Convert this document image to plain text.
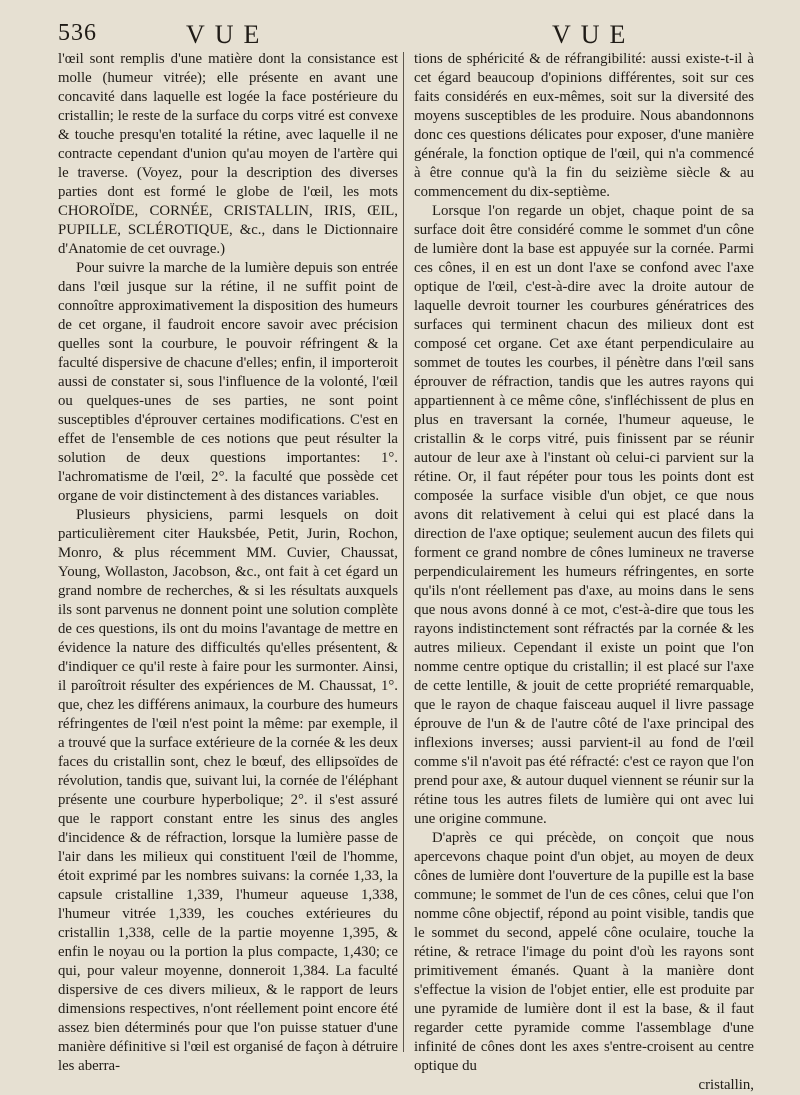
536	VUE	VUE

l'œil sont remplis d'une matière dont la consistance est molle (humeur vitrée); elle présente en avant une concavité dans laquelle est logée la face postérieure du cristallin; le reste de la surface du corps vitré est convexe & touche presqu'en totalité la rétine, avec laquelle il ne contracte cependant d'union qu'au moyen de l'artère qui le traverse. (Voyez, pour la description des diverses parties dont est formé le globe de l'œil, les mots CHOROÏDE, CORNÉE, CRISTALLIN, IRIS, ŒIL, PUPILLE, SCLÉROTIQUE, &c., dans le Dictionnaire d'Anatomie de cet ouvrage.)

Pour suivre la marche de la lumière depuis son entrée dans l'œil jusque sur la rétine, il ne suffit point de connoître approximativement la disposition des humeurs de cet organe, il faudroit encore savoir avec précision quelles sont la courbure, le pouvoir réfringent & la faculté dispersive de chacune d'elles; enfin, il importeroit aussi de constater si, sous l'influence de la volonté, l'œil ou quelques-unes de ses parties, ne sont point susceptibles d'éprouver certaines modifications. C'est en effet de l'ensemble de ces notions que peut résulter la solution de deux questions importantes: 1°. l'achromatisme de l'œil, 2°. la faculté que possède cet organe de voir distinctement à des distances variables.

Plusieurs physiciens, parmi lesquels on doit particulièrement citer Hauksbée, Petit, Jurin, Rochon, Monro, & plus récemment MM. Cuvier, Chaussat, Young, Wollaston, Jacobson, &c., ont fait à cet égard un grand nombre de recherches, & si les résultats auxquels ils sont parvenus ne donnent point une solution complète de ces questions, ils ont du moins l'avantage de mettre en évidence la nature des difficultés qu'elles présentent, & d'indiquer ce qu'il reste à faire pour les surmonter. Ainsi, il paroîtroit résulter des expériences de M. Chaussat, 1°. que, chez les différens animaux, la courbure des humeurs réfringentes de l'œil n'est point la même: par exemple, il a trouvé que la surface extérieure de la cornée & les deux faces du cristallin sont, chez le bœuf, des ellipsoïdes de révolution, tandis que, suivant lui, la cornée de l'éléphant présente une courbure hyperbolique; 2°. il s'est assuré que le rapport constant entre les sinus des angles d'incidence & de réfraction, lorsque la lumière passe de l'air dans les milieux qui constituent l'œil de l'homme, étoit exprimé par les nombres suivans: la cornée 1,33, la capsule cristalline 1,339, l'humeur aqueuse 1,338, l'humeur vitrée 1,339, les couches extérieures du cristallin 1,338, celle de la partie moyenne 1,395, & enfin le noyau ou la portion la plus compacte, 1,430; ce qui, pour valeur moyenne, donneroit 1,384. La faculté dispersive de ces divers milieux, & le rapport de leurs dimensions respectives, n'ont réellement point encore été assez bien déterminés pour que l'on puisse statuer d'une manière définitive si l'œil est organisé de façon à détruire les aberra-

tions de sphéricité & de réfrangibilité: aussi existe-t-il à cet égard beaucoup d'opinions différentes, soit sur ces faits considérés en eux-mêmes, soit sur la diversité des moyens susceptibles de les produire. Nous abandonnons donc ces questions délicates pour exposer, d'une manière générale, la fonction optique de l'œil, qui n'a commencé à être connue qu'à la fin du seizième siècle & au commencement du dix-septième.

Lorsque l'on regarde un objet, chaque point de sa surface doit être considéré comme le sommet d'un cône de lumière dont la base est appuyée sur la cornée. Parmi ces cônes, il en est un dont l'axe se confond avec l'axe optique de l'œil, c'est-à-dire avec la droite autour de laquelle devroit tourner les courbures génératrices des surfaces qui terminent chacun des milieux dont est composé cet organe. Cet axe étant perpendiculaire au sommet de toutes les courbes, il pénètre dans l'œil sans éprouver de réfraction, tandis que les autres rayons qui appartiennent à ce même cône, s'infléchissent de plus en plus en traversant la cornée, l'humeur aqueuse, le cristallin & le corps vitré, puis finissent par se réunir autour de leur axe à l'instant où celui-ci parvient sur la rétine. Or, il faut répéter pour tous les points dont est composée la surface visible d'un objet, ce que nous avons dit relativement à celui qui est placé dans la direction de l'axe optique; seulement aucun des filets qui forment ce grand nombre de cônes lumineux ne traverse perpendiculairement les humeurs réfringentes, en sorte qu'ils n'ont réellement pas d'axe, au moins dans le sens que nous avons donné à ce mot, c'est-à-dire que tous les rayons indistinctement sont réfractés par la cornée & les autres milieux. Cependant il existe un point que l'on nomme centre optique du cristallin; il est placé sur l'axe de cette lentille, & jouit de cette propriété remarquable, que le rayon de chaque faisceau auquel il livre passage éprouve de l'un & de l'autre côté de l'axe principal des inflexions inverses; aussi parvient-il au fond de l'œil comme s'il n'avoit pas été réfracté: c'est ce rayon que l'on prend pour axe, & autour duquel viennent se réunir sur la rétine tous les autres filets de lumière qui ont avec lui une origine commune.

D'après ce qui précède, on conçoit que nous apercevons chaque point d'un objet, au moyen de deux cônes de lumière dont l'ouverture de la pupille est la base commune; le sommet de l'un de ces cônes, celui que l'on nomme cône objectif, répond au point visible, tandis que le sommet du second, appelé cône oculaire, touche la rétine, & retrace l'image du point d'où les rayons sont primitivement émanés. Quant à la manière dont s'effectue la vision de l'objet entier, elle est produite par une pyramide de lumière dont il est la base, & il faut regarder cette pyramide comme l'assemblage d'une infinité de cônes dont les axes s'entre-croisent au centre optique du

cristallin,
